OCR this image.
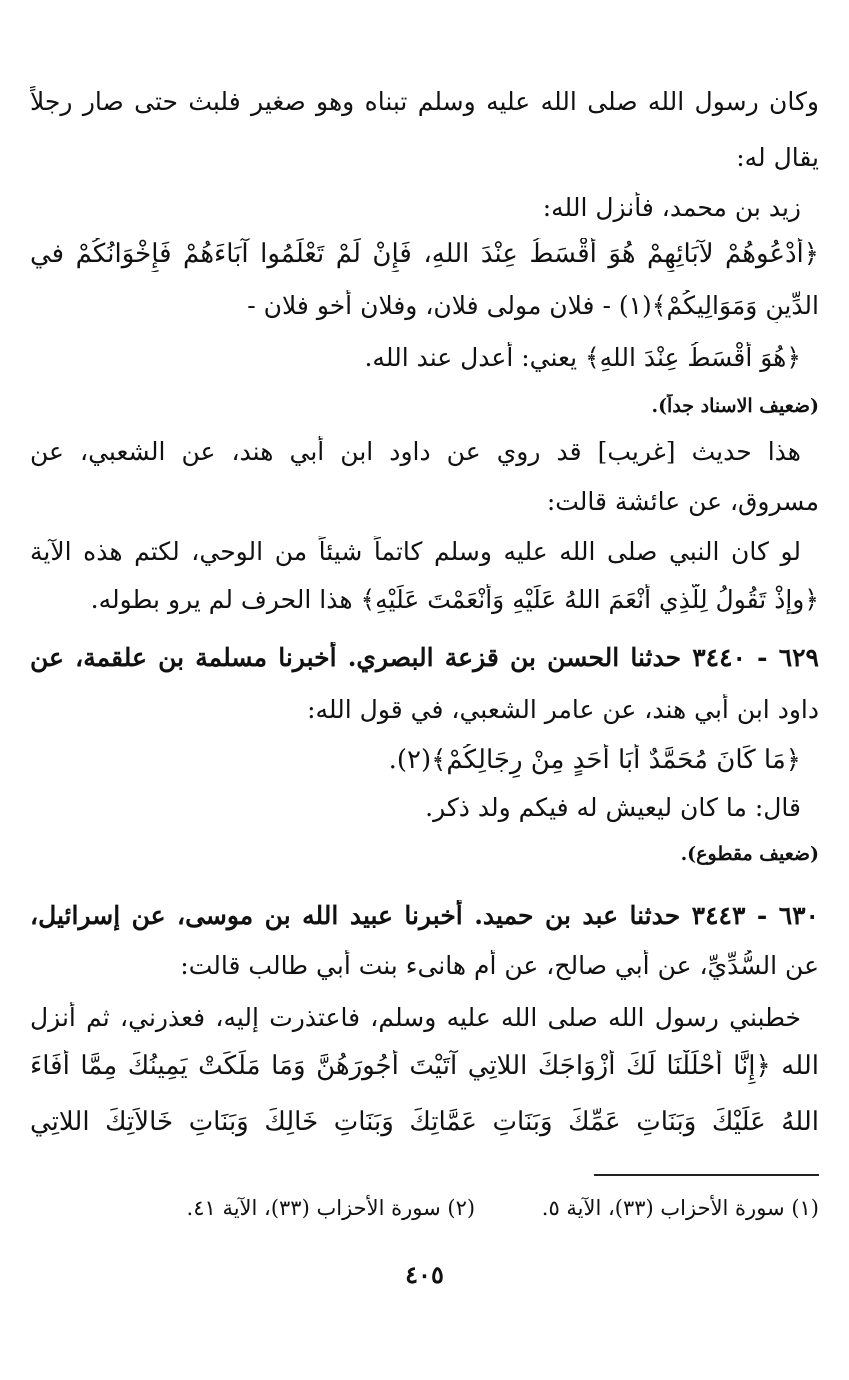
وكان رسول الله صلى الله عليه وسلم تبناه وهو صغير فلبث حتى صار رجلاً
يقال له:
زيد بن محمد، فأنزل الله:
﴿أَدْعُوهُمْ لآبَائِهِمْ هُوَ أَقْسَطُ عِنْدَ اللهِ، فَإِنْ لَمْ تَعْلَمُوا آبَاءَهُمْ فَإِخْوَانُكُمْ في
الدِّينِ وَمَوَالِيكُمْ﴾(١) - فلان مولى فلان، وفلان أخو فلان -
﴿هُوَ أَقْسَطُ عِنْدَ اللهِ﴾ يعني: أعدل عند الله.
(ضعيف الاسناد جداً).
هذا حديث [غريب] قد روي عن داود ابن أبي هند، عن الشعبي، عن
مسروق، عن عائشة قالت:
لو كان النبي صلى الله عليه وسلم كاتماً شيئاً من الوحي، لكتم هذه الآية
﴿وإذْ تَقُولُ لِلَّذِي أَنْعَمَ اللهُ عَلَيْهِ وَأَنْعَمْتَ عَلَيْهِ﴾ هذا الحرف لم يرو بطوله.
٦٢٩ - ٣٤٤٠ حدثنا الحسن بن قزعة البصري. أخبرنا مسلمة بن علقمة، عن
داود ابن أبي هند، عن عامر الشعبي، في قول الله:
﴿مَا كَانَ مُحَمَّدٌ أَبَا أَحَدٍ مِنْ رِجَالِكُمْ﴾(٢).
قال: ما كان ليعيش له فيكم ولد ذكر.
(ضعيف مقطوع).
٦٣٠ - ٣٤٤٣ حدثنا عبد بن حميد. أخبرنا عبيد الله بن موسى، عن إسرائيل،
عن السُّدِّيِّ، عن أبي صالح، عن أم هانىء بنت أبي طالب قالت:
خطبني رسول الله صلى الله عليه وسلم، فاعتذرت إليه، فعذرني، ثم أنزل
الله ﴿إِنَّا أَحْلَلْنَا لَكَ أَزْوَاجَكَ اللاتِي آتَيْتَ أُجُورَهُنَّ وَمَا مَلَكَتْ يَمِينُكَ مِمَّا أَفَاءَ
اللهُ عَلَيْكَ وَبَنَاتِ عَمِّكَ وَبَنَاتِ عَمَّاتِكَ وَبَنَاتِ خَالِكَ وَبَنَاتِ خَالاَتِكَ اللاتِي
(١) سورة الأحزاب (٣٣)، الآية ٥. (٢) سورة الأحزاب (٣٣)، الآية ٤١.
٤٠٥
